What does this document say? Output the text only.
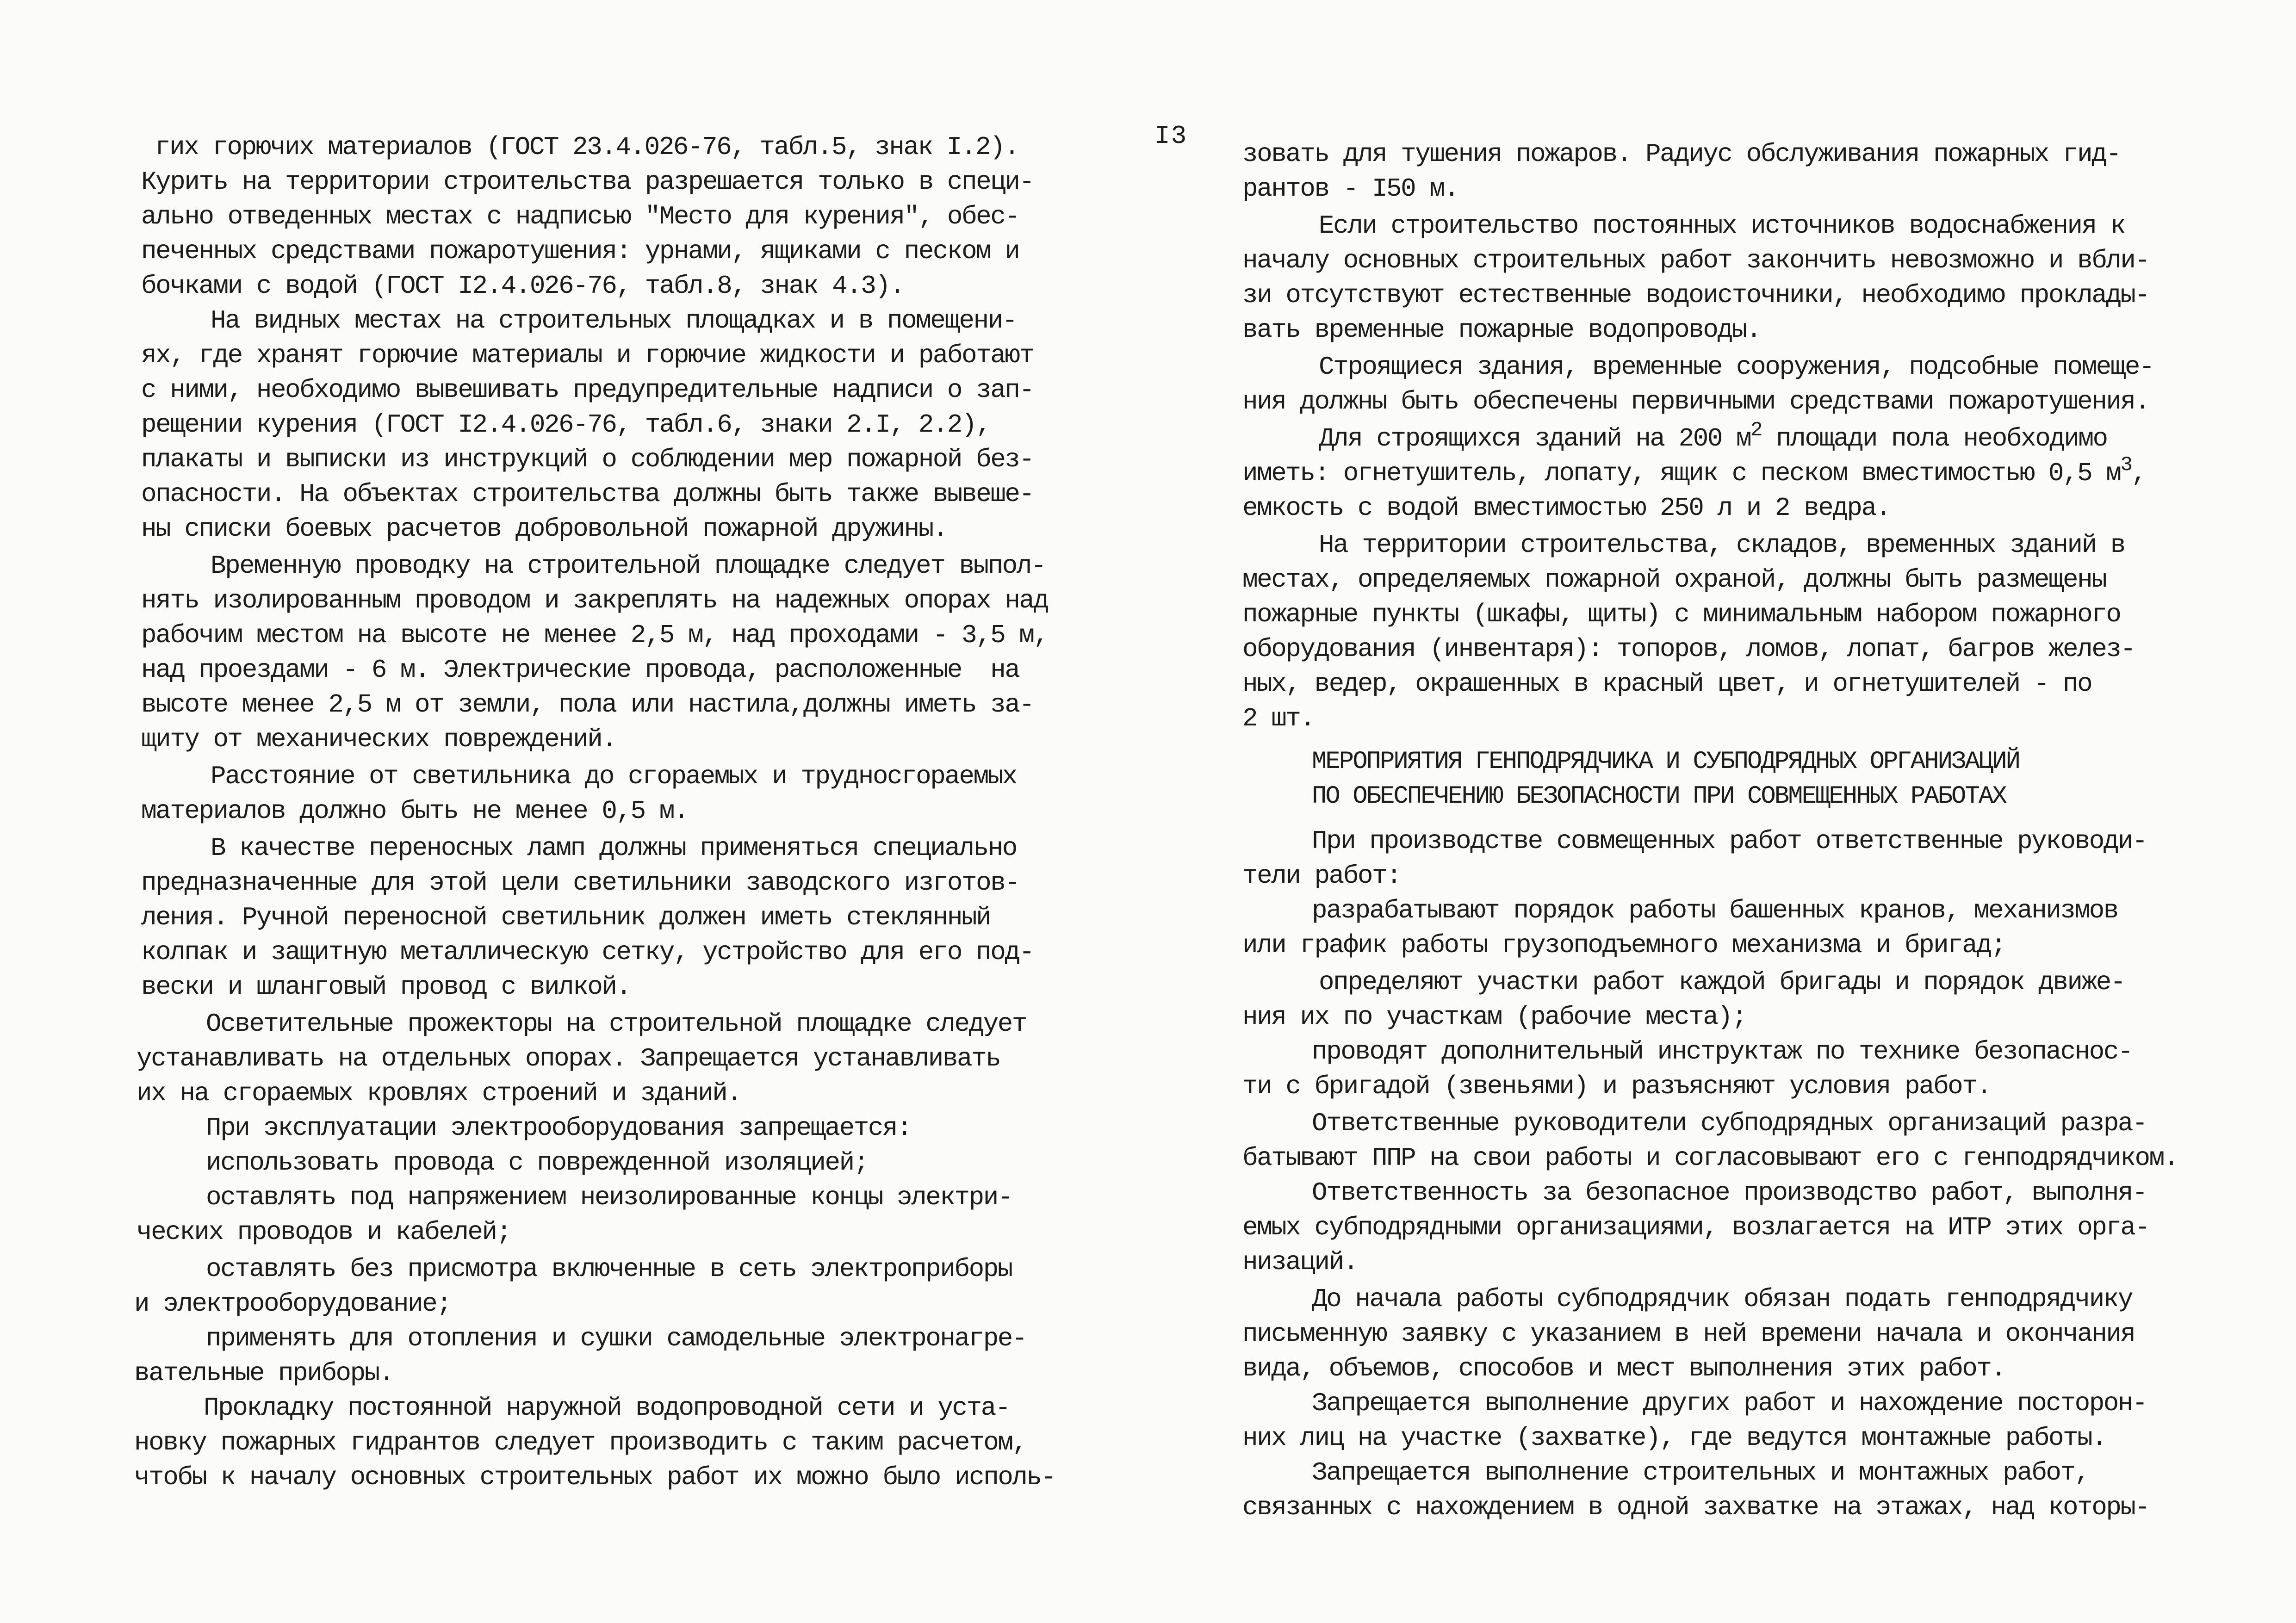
I3
гих горючих материалов (ГОСТ 23.4.026-76, табл.5, знак I.2).
Курить на территории строительства разрешается только в специ-
ально отведенных местах с надписью "Место для курения", обес-
печенных средствами пожаротушения: урнами, ящиками с песком и
бочками с водой (ГОСТ I2.4.026-76, табл.8, знак 4.3).
На видных местах на строительных площадках и в помещени-
ях, где хранят горючие материалы и горючие жидкости и работают
с ними, необходимо вывешивать предупредительные надписи о зап-
рещении курения (ГОСТ I2.4.026-76, табл.6, знаки 2.I, 2.2),
плакаты и выписки из инструкций о соблюдении мер пожарной без-
опасности. На объектах строительства должны быть также вывеше-
ны списки боевых расчетов добровольной пожарной дружины.
Временную проводку на строительной площадке следует выпол-
нять изолированным проводом и закреплять на надежных опорах над
рабочим местом на высоте не менее 2,5 м, над проходами - 3,5 м,
над проездами - 6 м. Электрические провода, расположенные  на
высоте менее 2,5 м от земли, пола или настила,должны иметь за-
щиту от механических повреждений.
Расстояние от светильника до сгораемых и трудносгораемых
материалов должно быть не менее 0,5 м.
В качестве переносных ламп должны применяться специально
предназначенные для этой цели светильники заводского изготов-
ления. Ручной переносной светильник должен иметь стеклянный
колпак и защитную металлическую сетку, устройство для его под-
вески и шланговый провод с вилкой.
Осветительные прожекторы на строительной площадке следует
устанавливать на отдельных опорах. Запрещается устанавливать
их на сгораемых кровлях строений и зданий.
При эксплуатации электрооборудования запрещается:
использовать провода с поврежденной изоляцией;
оставлять под напряжением неизолированные концы электри-
ческих проводов и кабелей;
оставлять без присмотра включенные в сеть электроприборы
и электрооборудование;
применять для отопления и сушки самодельные электронагре-
вательные приборы.
Прокладку постоянной наружной водопроводной сети и уста-
новку пожарных гидрантов следует производить с таким расчетом,
чтобы к началу основных строительных работ их можно было исполь-
зовать для тушения пожаров. Радиус обслуживания пожарных гид-
рантов - I50 м.
Если строительство постоянных источников водоснабжения к
началу основных строительных работ закончить невозможно и вбли-
зи отсутствуют естественные водоисточники, необходимо проклады-
вать временные пожарные водопроводы.
Строящиеся здания, временные сооружения, подсобные помеще-
ния должны быть обеспечены первичными средствами пожаротушения.
Для строящихся зданий на 200 $м^2$ площади пола необходимо
иметь: огнетушитель, лопату, ящик с песком вместимостью 0,5 $м^3$,
емкость с водой вместимостью 250 л и 2 ведра.
На территории строительства, складов, временных зданий в
местах, определяемых пожарной охраной, должны быть размещены
пожарные пункты (шкафы, щиты) с минимальным набором пожарного
оборудования (инвентаря): топоров, ломов, лопат, багров желез-
ных, ведер, окрашенных в красный цвет, и огнетушителей - по
2 шт.
МЕРОПРИЯТИЯ ГЕНПОДРЯДЧИКА И СУБПОДРЯДНЫХ ОРГАНИЗАЦИЙ
ПО ОБЕСПЕЧЕНИЮ БЕЗОПАСНОСТИ ПРИ СОВМЕЩЕННЫХ РАБОТАХ
При производстве совмещенных работ ответственные руководи-
тели работ:
разрабатывают порядок работы башенных кранов, механизмов
или график работы грузоподъемного механизма и бригад;
определяют участки работ каждой бригады и порядок движе-
ния их по участкам (рабочие места);
проводят дополнительный инструктаж по технике безопаснос-
ти с бригадой (звеньями) и разъясняют условия работ.
Ответственные руководители субподрядных организаций разра-
батывают ППР на свои работы и согласовывают его с генподрядчиком.
Ответственность за безопасное производство работ, выполня-
емых субподрядными организациями, возлагается на ИТР этих орга-
низаций.
До начала работы субподрядчик обязан подать генподрядчику
письменную заявку с указанием в ней времени начала и окончания
вида, объемов, способов и мест выполнения этих работ.
Запрещается выполнение других работ и нахождение посторон-
них лиц на участке (захватке), где ведутся монтажные работы.
Запрещается выполнение строительных и монтажных работ,
связанных с нахождением в одной захватке на этажах, над которы-
